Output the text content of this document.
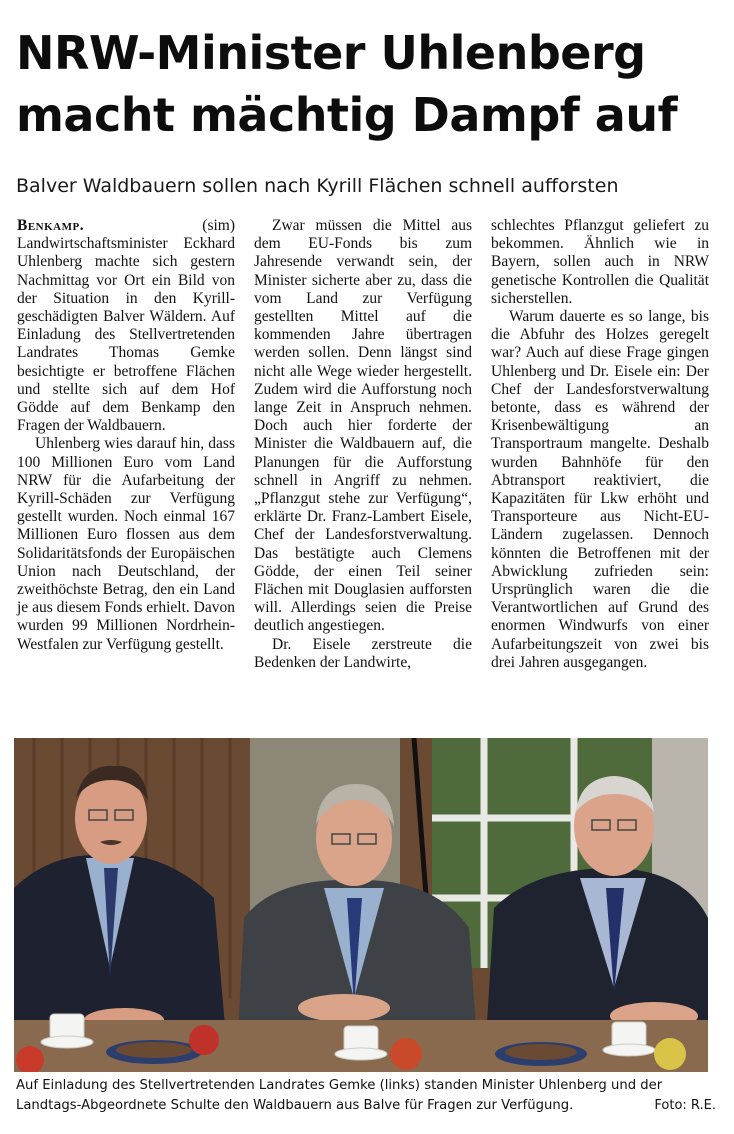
NRW-Minister Uhlenberg
macht mächtig Dampf auf

Balver Waldbauern sollen nach Kyrill Flächen schnell aufforsten

Benkamp. (sim) Landwirtschaftsminister Eckhard Uhlenberg machte sich gestern Nachmittag vor Ort ein Bild von der Situation in den Kyrill-geschädigten Balver Wäldern. Auf Einladung des Stellvertretenden Landrates Thomas Gemke besichtigte er betroffene Flächen und stellte sich auf dem Hof Gödde auf dem Benkamp den Fragen der Waldbauern.

Uhlenberg wies darauf hin, dass 100 Millionen Euro vom Land NRW für die Aufarbeitung der Kyrill-Schäden zur Verfügung gestellt wurden. Noch einmal 167 Millionen Euro flossen aus dem Solidaritätsfonds der Europäischen Union nach Deutschland, der zweithöchste Betrag, den ein Land je aus diesem Fonds erhielt. Davon wurden 99 Millionen Nordrhein-Westfalen zur Verfügung gestellt.

Zwar müssen die Mittel aus dem EU-Fonds bis zum Jahresende verwandt sein, der Minister sicherte aber zu, dass die vom Land zur Verfügung gestellten Mittel auf die kommenden Jahre übertragen werden sollen. Denn längst sind nicht alle Wege wieder hergestellt. Zudem wird die Aufforstung noch lange Zeit in Anspruch nehmen. Doch auch hier forderte der Minister die Waldbauern auf, die Planungen für die Aufforstung schnell in Angriff zu nehmen. „Pflanzgut stehe zur Verfügung“, erklärte Dr. Franz-Lambert Eisele, Chef der Landesforstverwaltung. Das bestätigte auch Clemens Gödde, der einen Teil seiner Flächen mit Douglasien aufforsten will. Allerdings seien die Preise deutlich angestiegen.

Dr. Eisele zerstreute die Bedenken der Landwirte,

schlechtes Pflanzgut geliefert zu bekommen. Ähnlich wie in Bayern, sollen auch in NRW genetische Kontrollen die Qualität sicherstellen.

Warum dauerte es so lange, bis die Abfuhr des Holzes geregelt war? Auch auf diese Frage gingen Uhlenberg und Dr. Eisele ein: Der Chef der Landesforstverwaltung betonte, dass es während der Krisenbewältigung an Transportraum mangelte. Deshalb wurden Bahnhöfe für den Abtransport reaktiviert, die Kapazitäten für Lkw erhöht und Transporteure aus Nicht-EU-Ländern zugelassen. Dennoch könnten die Betroffenen mit der Abwicklung zufrieden sein: Ursprünglich waren die die Verantwortlichen auf Grund des enormen Windwurfs von einer Aufarbeitungszeit von zwei bis drei Jahren ausgegangen.

Auf Einladung des Stellvertretenden Landrates Gemke (links) standen Minister Uhlenberg und der Landtags-Abgeordnete Schulte den Waldbauern aus Balve für Fragen zur Verfügung.	Foto: R.E.
